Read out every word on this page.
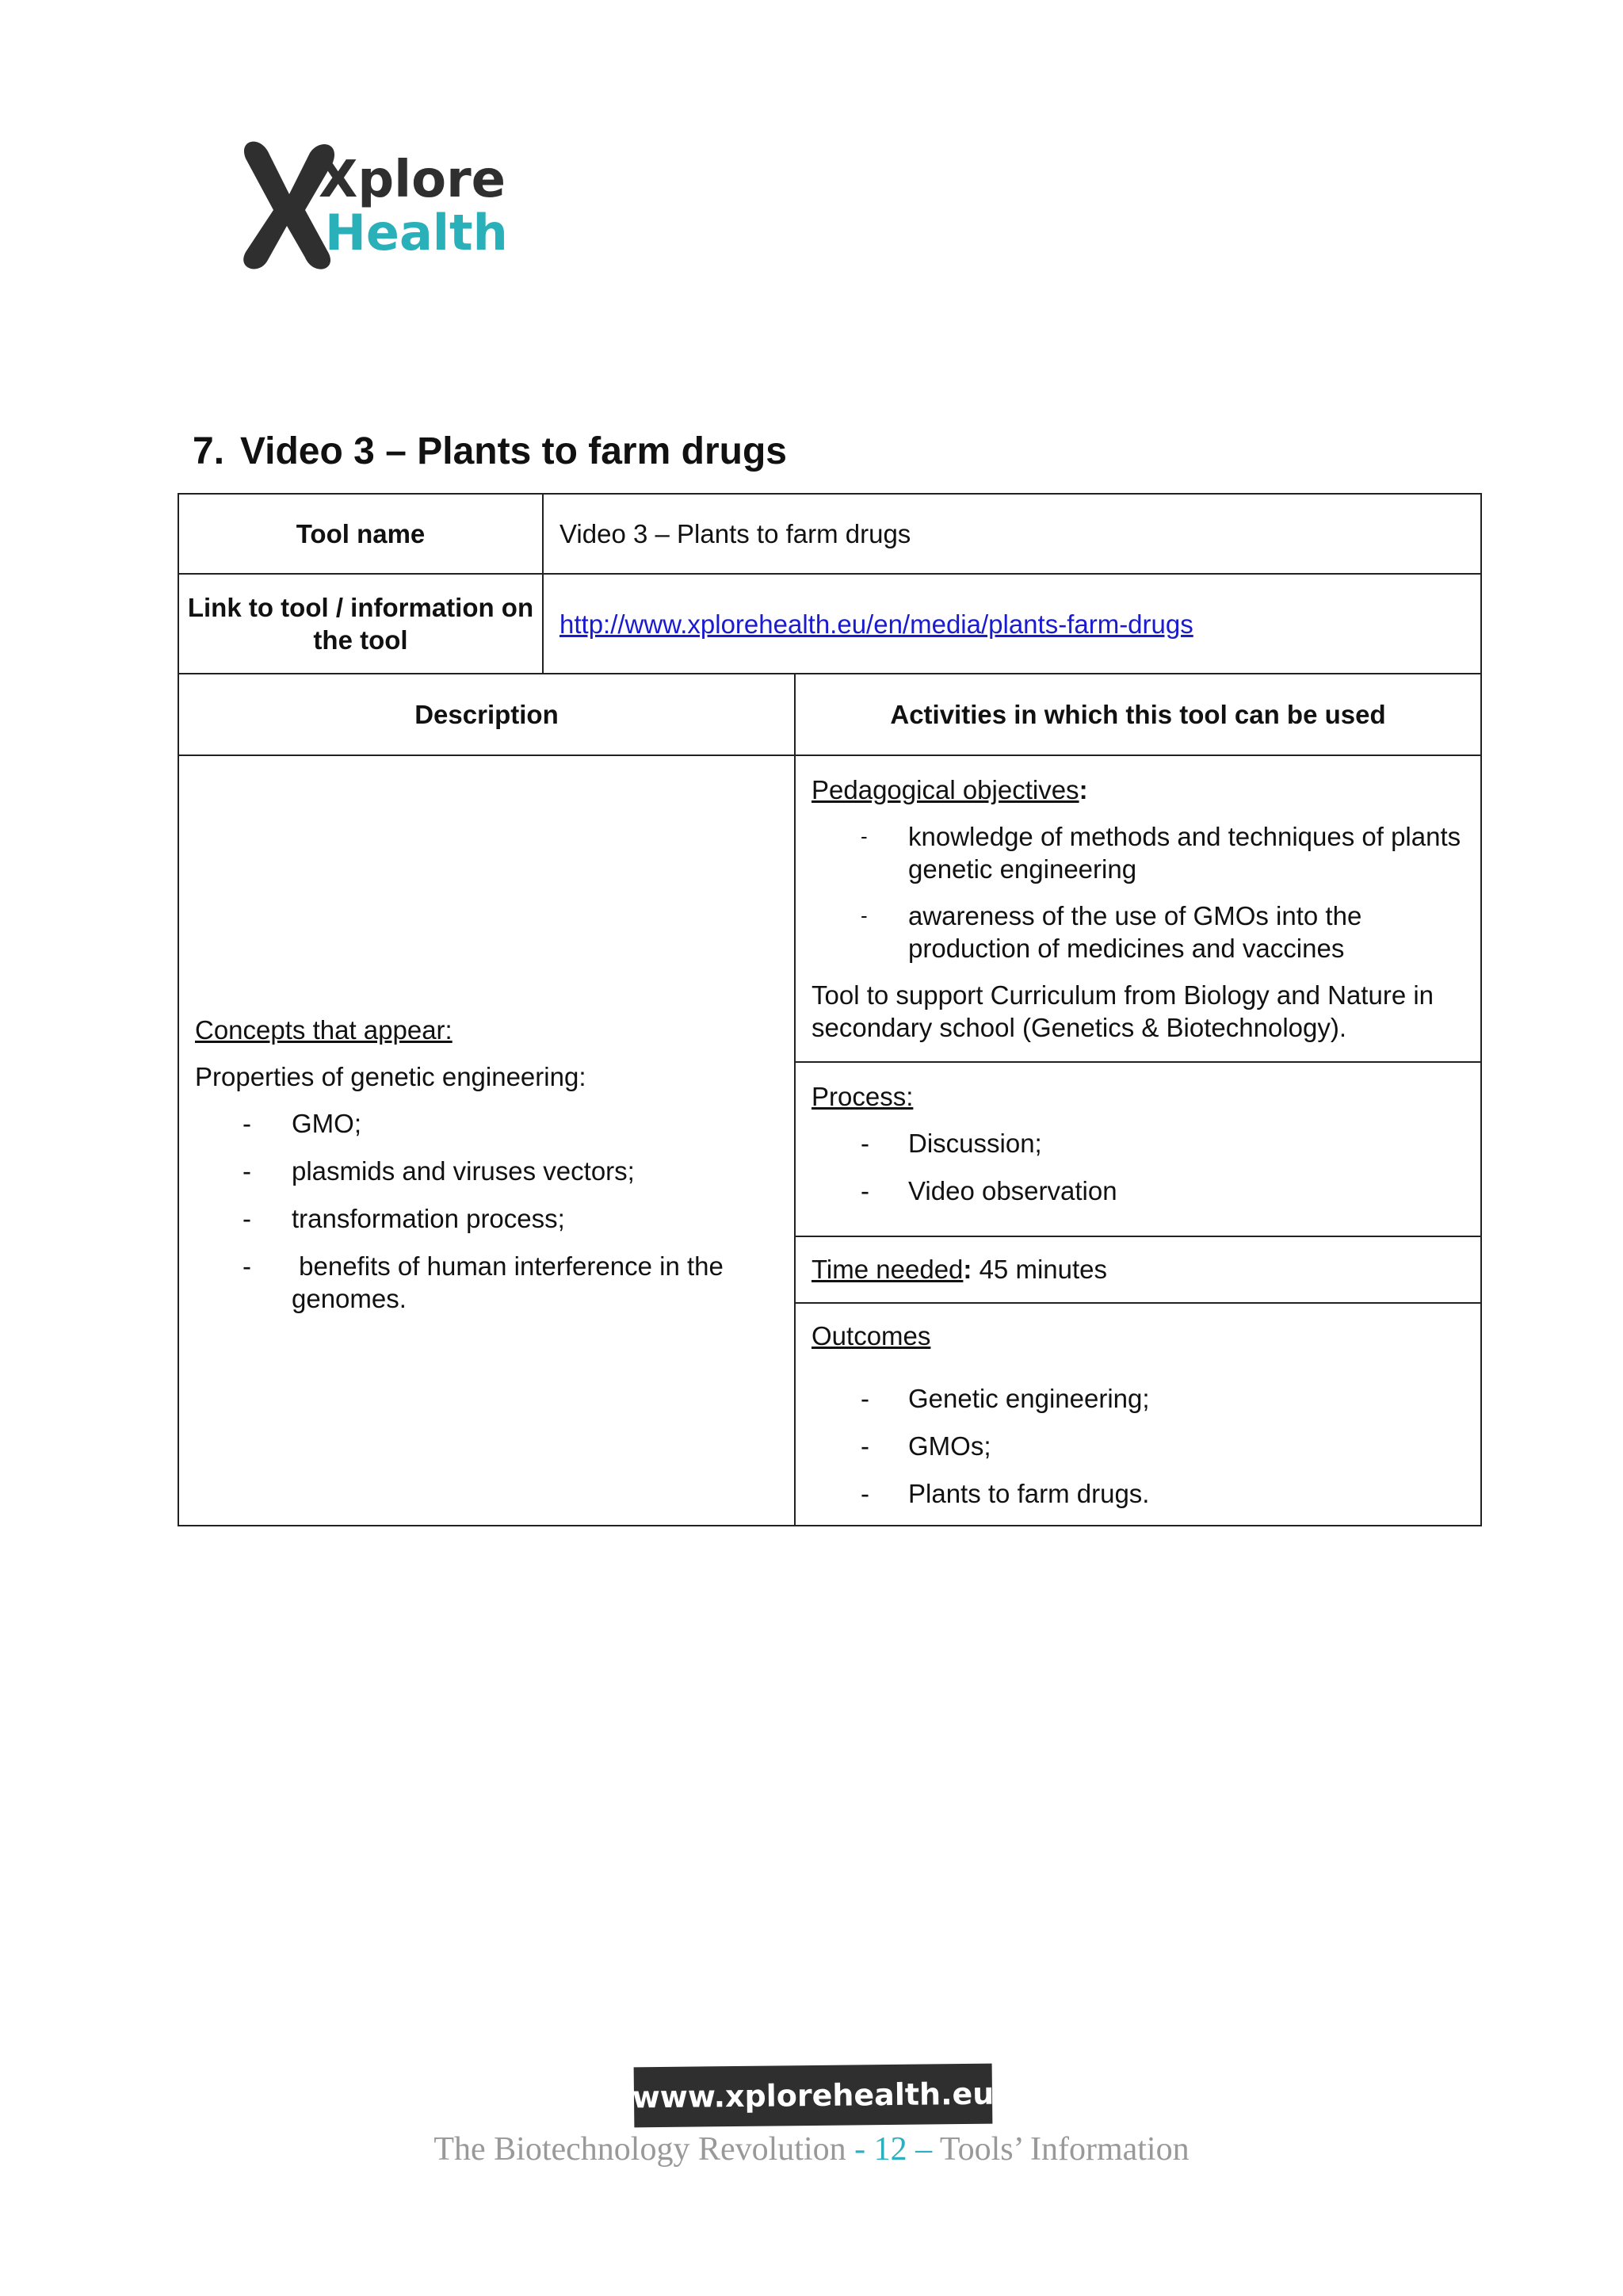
Xplore
Health
7. Video 3 – Plants to farm drugs
Tool name	Video 3 – Plants to farm drugs
Link to tool / information on the tool
http://www.xplorehealth.eu/en/media/plants-farm-drugs
Description	Activities in which this tool can be used

Concepts that appear:

Properties of genetic engineering:

- GMO;
- plasmids and viruses vectors;
- transformation process;
- benefits of human interference in the genomes.

Pedagogical objectives:

- knowledge of methods and techniques of plants genetic engineering
- awareness of the use of GMOs into the production of medicines and vaccines

Tool to support Curriculum from Biology and Nature in secondary school (Genetics & Biotechnology).

Process:

- Discussion;
- Video observation

Time needed: 45 minutes

Outcomes

- Genetic engineering;
- GMOs;
- Plants to farm drugs.
www.xplorehealth.eu
The Biotechnology Revolution - 12 – Tools’ Information
